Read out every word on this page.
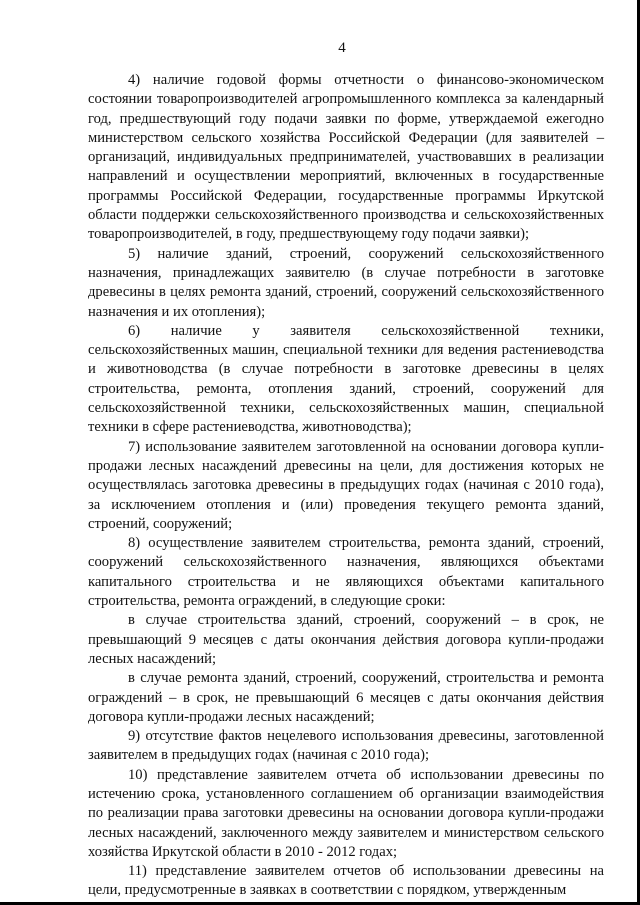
4

4) наличие годовой формы отчетности о финансово-экономическом состоянии товаропроизводителей агропромышленного комплекса за календарный год, предшествующий году подачи заявки по форме, утверждаемой ежегодно министерством сельского хозяйства Российской Федерации (для заявителей – организаций, индивидуальных предпринимателей, участвовавших в реализации направлений и осуществлении мероприятий, включенных в государственные программы Российской Федерации, государственные программы Иркутской области поддержки сельскохозяйственного производства и сельскохозяйственных товаропроизводителей, в году, предшествующему году подачи заявки);

5) наличие зданий, строений, сооружений сельскохозяйственного назначения, принадлежащих заявителю (в случае потребности в заготовке древесины в целях ремонта зданий, строений, сооружений сельскохозяйственного назначения и их отопления);

6) наличие у заявителя сельскохозяйственной техники, сельскохозяйственных машин, специальной техники для ведения растениеводства и животноводства (в случае потребности в заготовке древесины в целях строительства, ремонта, отопления зданий, строений, сооружений для сельскохозяйственной техники, сельскохозяйственных машин, специальной техники в сфере растениеводства, животноводства);

7) использование заявителем заготовленной на основании договора купли-продажи лесных насаждений древесины на цели, для достижения которых не осуществлялась заготовка древесины в предыдущих годах (начиная с 2010 года), за исключением отопления и (или) проведения текущего ремонта зданий, строений, сооружений;

8) осуществление заявителем строительства, ремонта зданий, строений, сооружений сельскохозяйственного назначения, являющихся объектами капитального строительства и не являющихся объектами капитального строительства, ремонта ограждений, в следующие сроки:

в случае строительства зданий, строений, сооружений – в срок, не превышающий 9 месяцев с даты окончания действия договора купли-продажи лесных насаждений;

в случае ремонта зданий, строений, сооружений, строительства и ремонта ограждений – в срок, не превышающий 6 месяцев с даты окончания действия договора купли-продажи лесных насаждений;

9) отсутствие фактов нецелевого использования древесины, заготовленной заявителем в предыдущих годах (начиная с 2010 года);

10) представление заявителем отчета об использовании древесины по истечению срока, установленного соглашением об организации взаимодействия по реализации права заготовки древесины на основании договора купли-продажи лесных насаждений, заключенного между заявителем и министерством сельского хозяйства Иркутской области в 2010 - 2012 годах;

11) представление заявителем отчетов об использовании древесины на цели, предусмотренные в заявках в соответствии с порядком, утвержденным
